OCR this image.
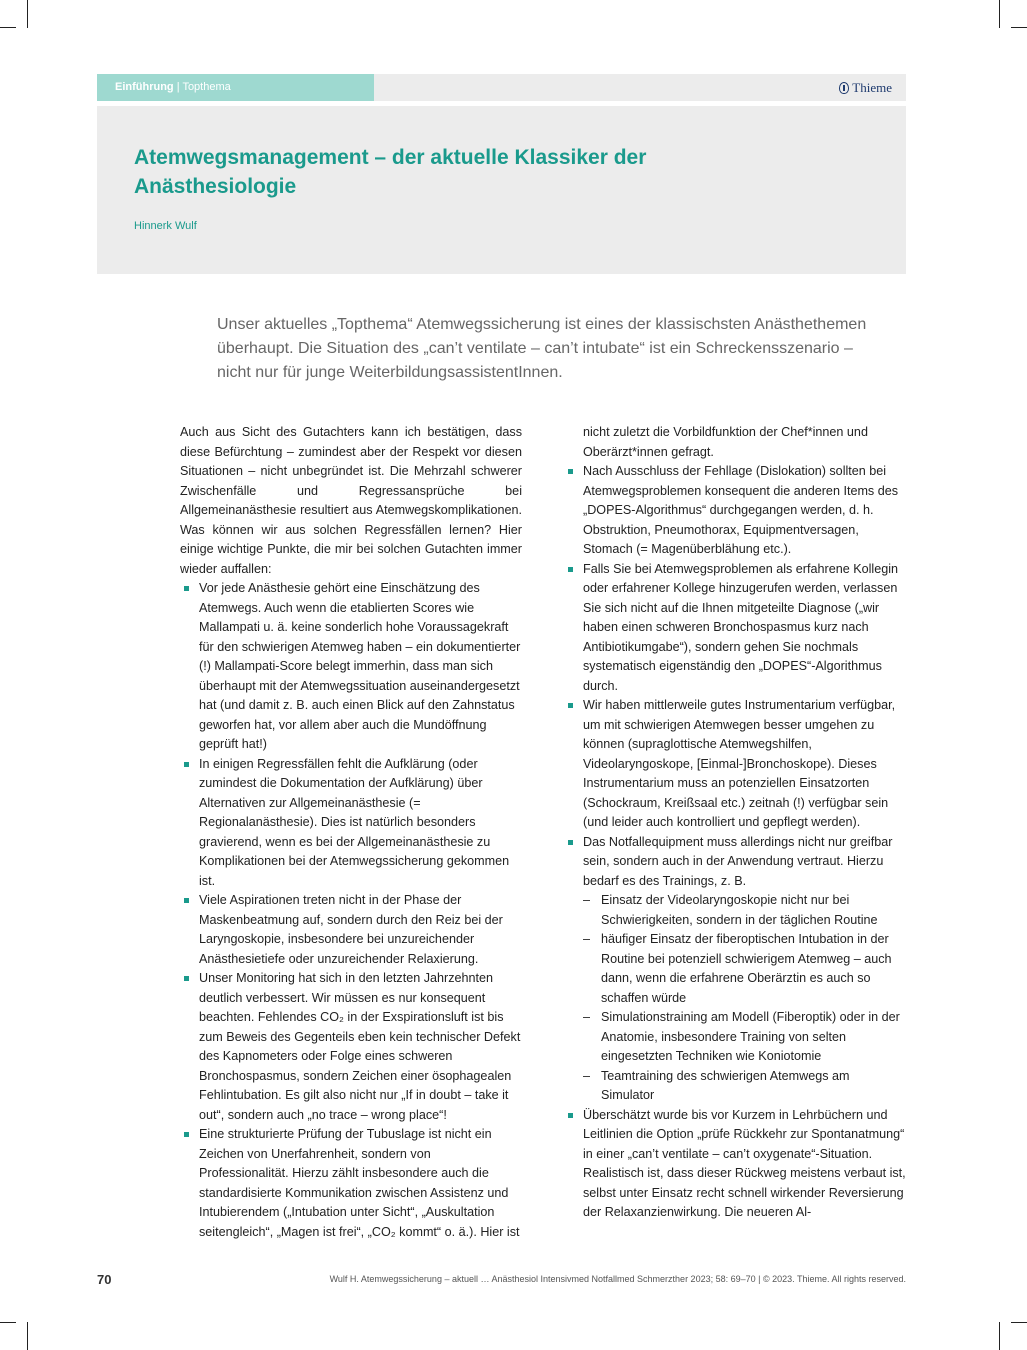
Einführung | Topthema	Thieme
Atemwegsmanagement – der aktuelle Klassiker der Anästhesiologie
Hinnerk Wulf

Unser aktuelles „Topthema“ Atemwegssicherung ist eines der klassischsten Anästhethemen überhaupt. Die Situation des „can’t ventilate – can’t intubate“ ist ein Schreckensszenario – nicht nur für junge WeiterbildungsassistentInnen.

Auch aus Sicht des Gutachters kann ich bestätigen, dass diese Befürchtung – zumindest aber der Respekt vor diesen Situationen – nicht unbegründet ist. Die Mehrzahl schwerer Zwischenfälle und Regressansprüche bei Allgemeinanästhesie resultiert aus Atemwegskomplikationen. Was können wir aus solchen Regressfällen lernen? Hier einige wichtige Punkte, die mir bei solchen Gutachten immer wieder auffallen:

Vor jede Anästhesie gehört eine Einschätzung des Atemwegs. Auch wenn die etablierten Scores wie Mallampati u. ä. keine sonderlich hohe Voraussagekraft für den schwierigen Atemweg haben – ein dokumentierter (!) Mallampati-Score belegt immerhin, dass man sich überhaupt mit der Atemwegssituation auseinandergesetzt hat (und damit z. B. auch einen Blick auf den Zahnstatus geworfen hat, vor allem aber auch die Mundöffnung geprüft hat!)
In einigen Regressfällen fehlt die Aufklärung (oder zumindest die Dokumentation der Aufklärung) über Alternativen zur Allgemeinanästhesie (= Regionalanästhesie). Dies ist natürlich besonders gravierend, wenn es bei der Allgemeinanästhesie zu Komplikationen bei der Atemwegssicherung gekommen ist.
Viele Aspirationen treten nicht in der Phase der Maskenbeatmung auf, sondern durch den Reiz bei der Laryngoskopie, insbesondere bei unzureichender Anästhesietiefe oder unzureichender Relaxierung.
Unser Monitoring hat sich in den letzten Jahrzehnten deutlich verbessert. Wir müssen es nur konsequent beachten. Fehlendes CO₂ in der Exspirationsluft ist bis zum Beweis des Gegenteils eben kein technischer Defekt des Kapnometers oder Folge eines schweren Bronchospasmus, sondern Zeichen einer ösophagealen Fehlintubation. Es gilt also nicht nur „If in doubt – take it out“, sondern auch „no trace – wrong place“!
Eine strukturierte Prüfung der Tubuslage ist nicht ein Zeichen von Unerfahrenheit, sondern von Professionalität. Hierzu zählt insbesondere auch die standardisierte Kommunikation zwischen Assistenz und Intubierendem („Intubation unter Sicht“, „Auskultation seitengleich“, „Magen ist frei“, „CO₂ kommt“ o. ä.). Hier ist
nicht zuletzt die Vorbildfunktion der Chef*innen und Oberärzt*innen gefragt.
Nach Ausschluss der Fehllage (Dislokation) sollten bei Atemwegsproblemen konsequent die anderen Items des „DOPES-Algorithmus“ durchgegangen werden, d. h. Obstruktion, Pneumothorax, Equipmentversagen, Stomach (= Magenüberblähung etc.).
Falls Sie bei Atemwegsproblemen als erfahrene Kollegin oder erfahrener Kollege hinzugerufen werden, verlassen Sie sich nicht auf die Ihnen mitgeteilte Diagnose („wir haben einen schweren Bronchospasmus kurz nach Antibiotikumgabe“), sondern gehen Sie nochmals systematisch eigenständig den „DOPES“-Algorithmus durch.
Wir haben mittlerweile gutes Instrumentarium verfügbar, um mit schwierigen Atemwegen besser umgehen zu können (supraglottische Atemwegshilfen, Videolaryngoskope, [Einmal-]Bronchoskope). Dieses Instrumentarium muss an potenziellen Einsatzorten (Schockraum, Kreißsaal etc.) zeitnah (!) verfügbar sein (und leider auch kontrolliert und gepflegt werden).
Das Notfallequipment muss allerdings nicht nur greifbar sein, sondern auch in der Anwendung vertraut. Hierzu bedarf es des Trainings, z. B.
– Einsatz der Videolaryngoskopie nicht nur bei Schwierigkeiten, sondern in der täglichen Routine
– häufiger Einsatz der fiberoptischen Intubation in der Routine bei potenziell schwierigem Atemweg – auch dann, wenn die erfahrene Oberärztin es auch so schaffen würde
– Simulationstraining am Modell (Fiberoptik) oder in der Anatomie, insbesondere Training von selten eingesetzten Techniken wie Koniotomie
– Teamtraining des schwierigen Atemwegs am Simulator
Überschätzt wurde bis vor Kurzem in Lehrbüchern und Leitlinien die Option „prüfe Rückkehr zur Spontanatmung“ in einer „can’t ventilate – can’t oxygenate“-Situation. Realistisch ist, dass dieser Rückweg meistens verbaut ist, selbst unter Einsatz recht schnell wirkender Reversierung der Relaxanzienwirkung. Die neueren Al-
70	Wulf H. Atemwegssicherung – aktuell … Anästhesiol Intensivmed Notfallmed Schmerzther 2023; 58: 69–70 | © 2023. Thieme. All rights reserved.
